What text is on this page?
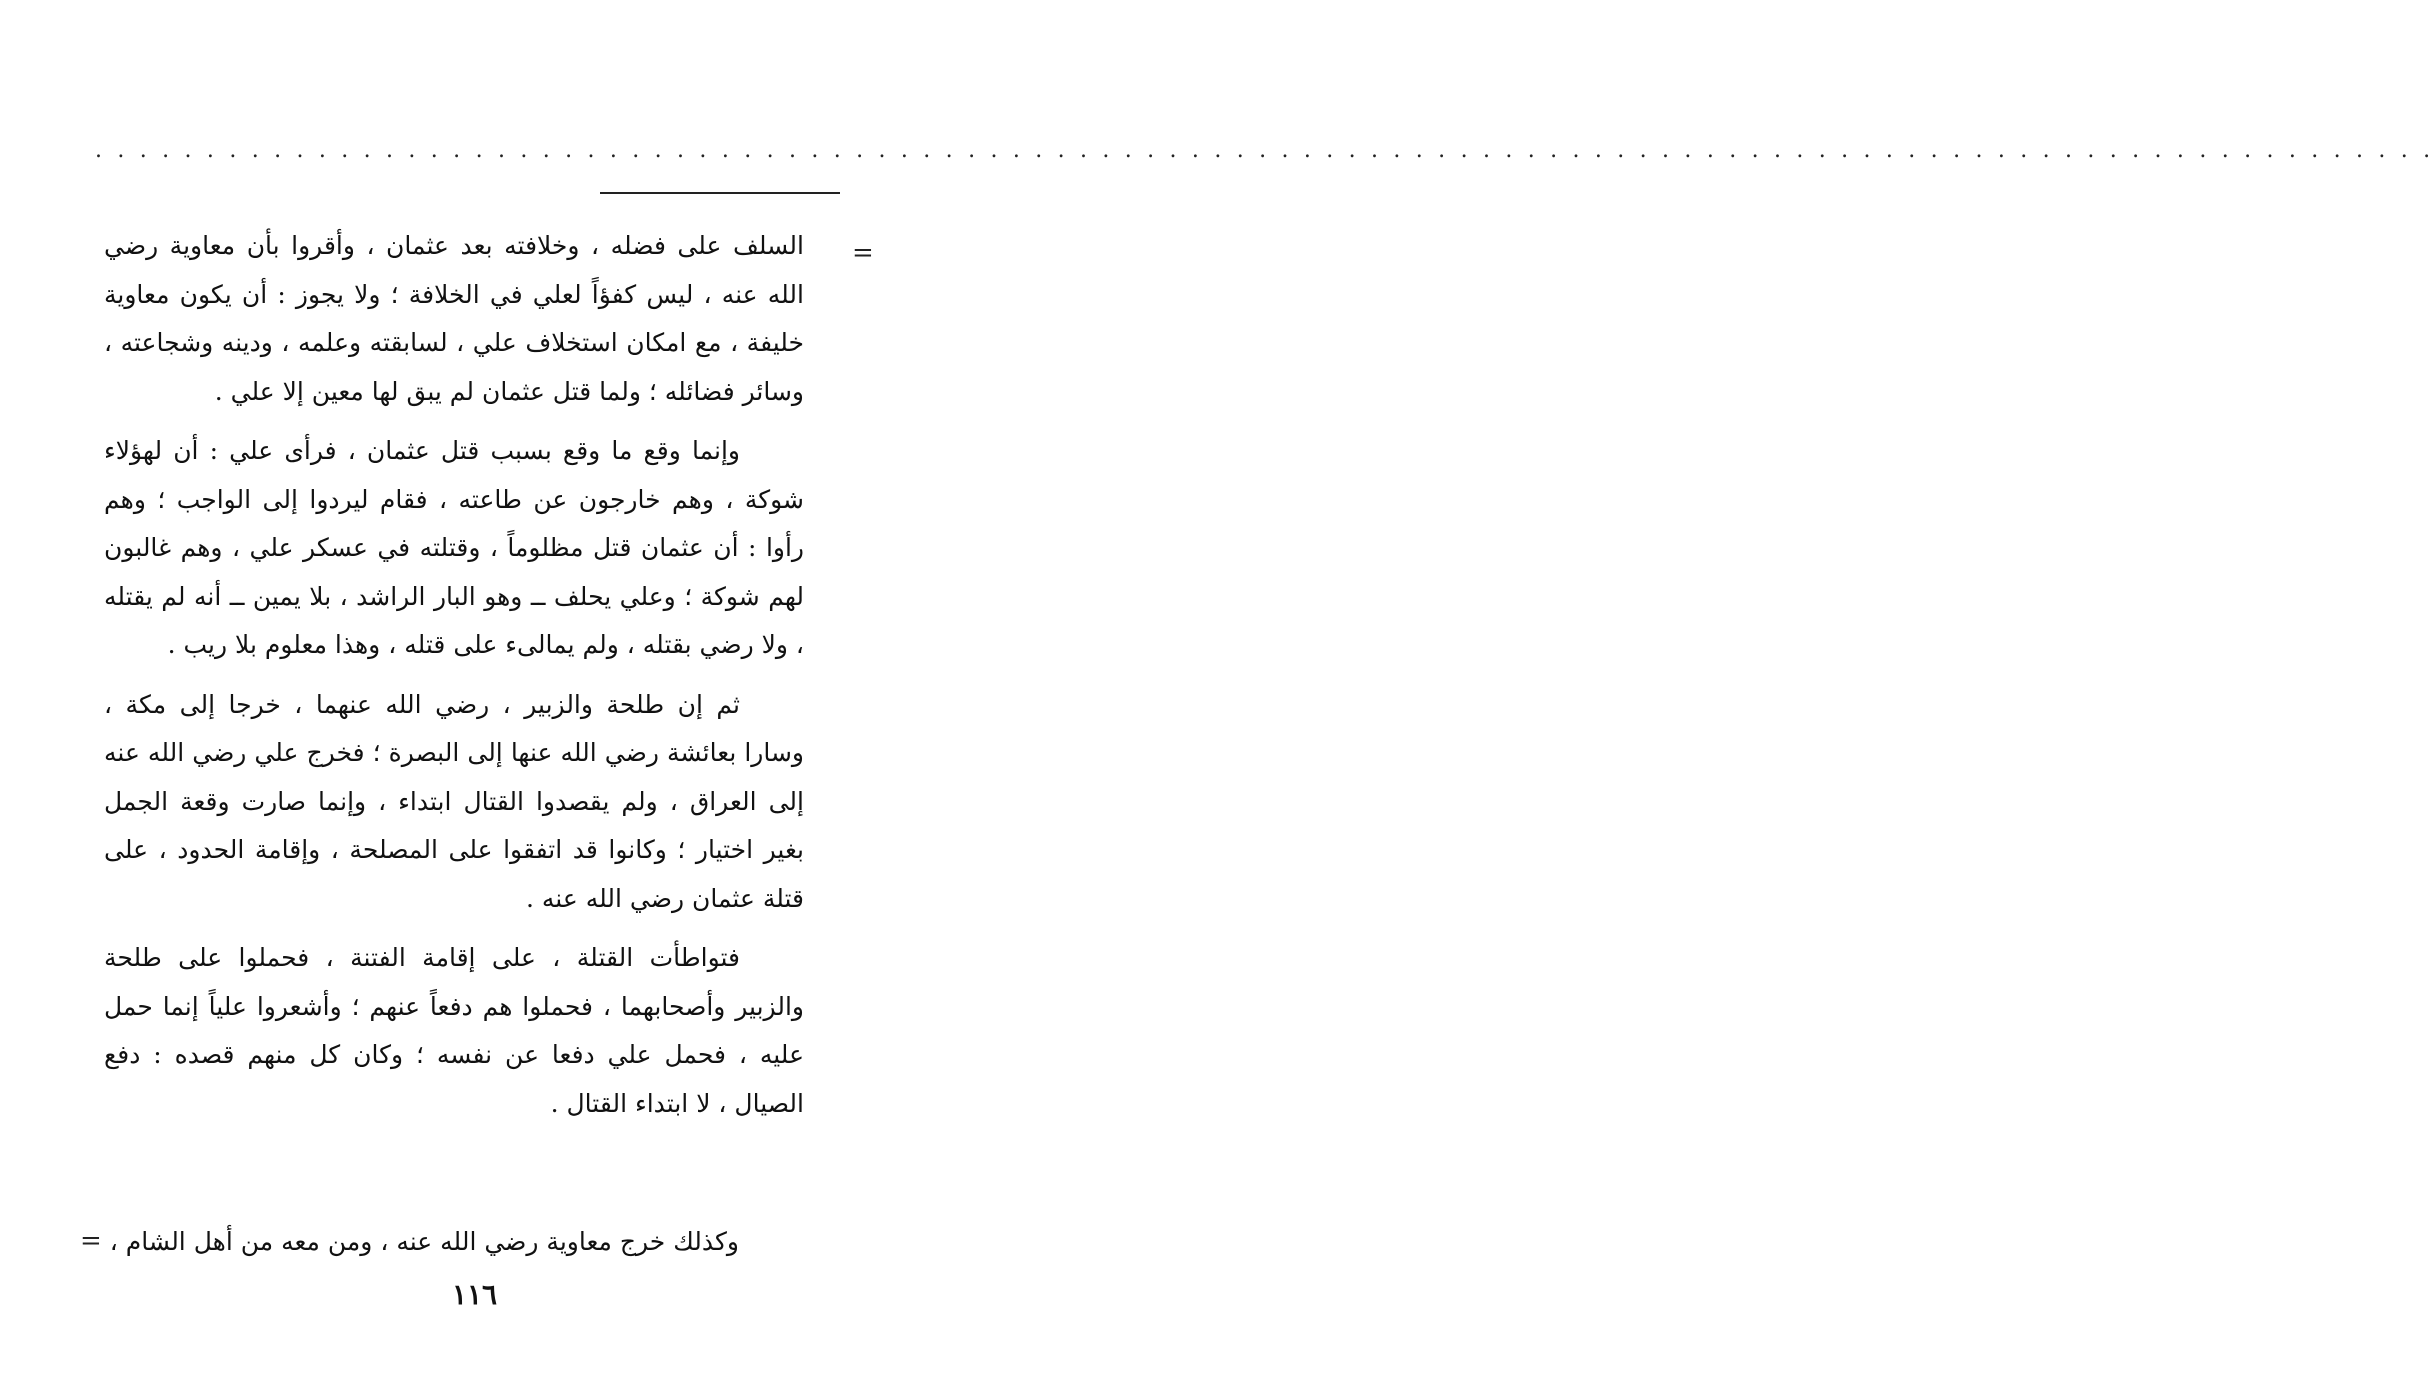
. . . . . . . . . . . . . . . . . . . . . . . . . . . . . . . . . . . . . . . . . . . . . . . . . . . . . . . . . . . . . . . . . . . . . . . . . . . . . . . . . . . . . . . . . . . . . . . . . . . . . . . . .
=

السلف على فضله ، وخلافته بعد عثمان ، وأقروا بأن معاوية رضي الله عنه ، ليس كفؤاً لعلي في الخلافة ؛ ولا يجوز : أن يكون معاوية خليفة ، مع امكان استخلاف علي ، لسابقته وعلمه ، ودينه وشجاعته ، وسائر فضائله ؛ ولما قتل عثمان لم يبق لها معين إلا علي .

وإنما وقع ما وقع بسبب قتل عثمان ، فرأى علي : أن لهؤلاء شوكة ، وهم خارجون عن طاعته ، فقام ليردوا إلى الواجب ؛ وهم رأوا : أن عثمان قتل مظلوماً ، وقتلته في عسكر علي ، وهم غالبون لهم شوكة ؛ وعلي يحلف ــ وهو البار الراشد ، بلا يمين ــ أنه لم يقتله ، ولا رضي بقتله ، ولم يمالىء على قتله ، وهذا معلوم بلا ريب .

ثم إن طلحة والزبير ، رضي الله عنهما ، خرجا إلى مكة ، وسارا بعائشة رضي الله عنها إلى البصرة ؛ فخرج علي رضي الله عنه إلى العراق ، ولم يقصدوا القتال ابتداء ، وإنما صارت وقعة الجمل بغير اختيار ؛ وكانوا قد اتفقوا على المصلحة ، وإقامة الحدود ، على قتلة عثمان رضي الله عنه .

فتواطأت القتلة ، على إقامة الفتنة ، فحملوا على طلحة والزبير وأصحابهما ، فحملوا هم دفعاً عنهم ؛ وأشعروا علياً إنما حمل عليه ، فحمل علي دفعا عن نفسه ؛ وكان كل منهم قصده : دفع الصيال ، لا ابتداء القتال .

وكذلك خرج معاوية رضي الله عنه ، ومن معه من أهل الشام ،
=
١١٦
